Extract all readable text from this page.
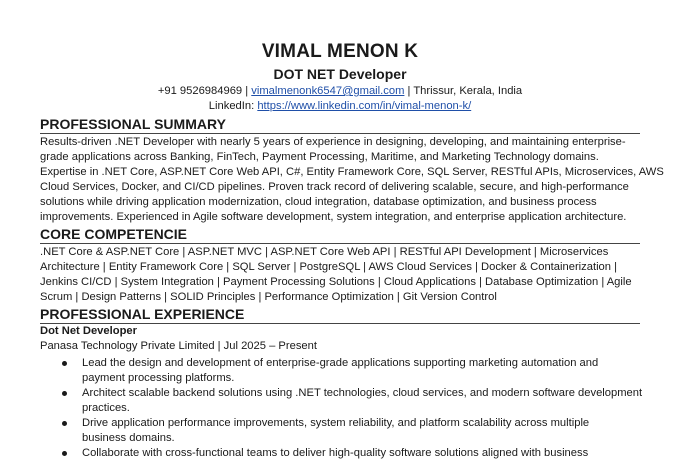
VIMAL MENON K
DOT NET Developer
+91 9526984969 | vimalmenonk6547@gmail.com | Thrissur, Kerala, India
LinkedIn: https://www.linkedin.com/in/vimal-menon-k/
PROFESSIONAL SUMMARY
Results-driven .NET Developer with nearly 5 years of experience in designing, developing, and maintaining enterprise-
grade applications across Banking, FinTech, Payment Processing, Maritime, and Marketing Technology domains.
Expertise in .NET Core, ASP.NET Core Web API, C#, Entity Framework Core, SQL Server, RESTful APIs, Microservices, AWS
Cloud Services, Docker, and CI/CD pipelines. Proven track record of delivering scalable, secure, and high-performance
solutions while driving application modernization, cloud integration, database optimization, and business process
improvements. Experienced in Agile software development, system integration, and enterprise application architecture.
CORE COMPETENCIE
.NET Core & ASP.NET Core | ASP.NET MVC | ASP.NET Core Web API | RESTful API Development | Microservices
Architecture | Entity Framework Core | SQL Server | PostgreSQL | AWS Cloud Services | Docker & Containerization |
Jenkins CI/CD | System Integration | Payment Processing Solutions | Cloud Applications | Database Optimization | Agile
Scrum | Design Patterns | SOLID Principles | Performance Optimization | Git Version Control
PROFESSIONAL EXPERIENCE
Dot Net Developer
Panasa Technology Private Limited | Jul 2025 – Present
Lead the design and development of enterprise-grade applications supporting marketing automation and
payment processing platforms.
Architect scalable backend solutions using .NET technologies, cloud services, and modern software development
practices.
Drive application performance improvements, system reliability, and platform scalability across multiple
business domains.
Collaborate with cross-functional teams to deliver high-quality software solutions aligned with business
